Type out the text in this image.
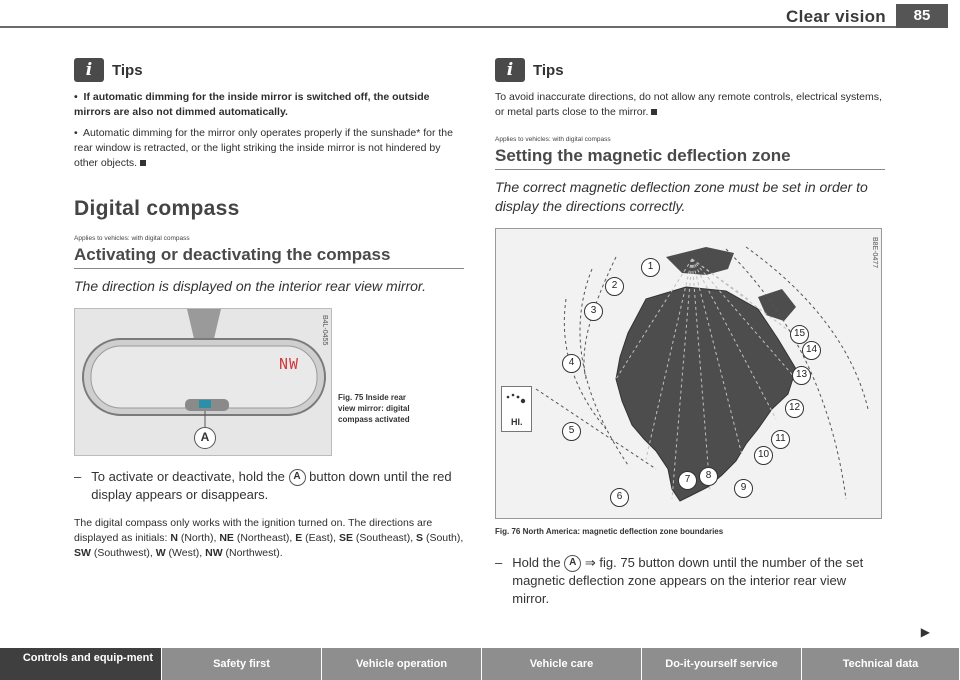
Clear vision	85
i	Tips

• If automatic dimming for the inside mirror is switched off, the outside mirrors are also not dimmed automatically.

• Automatic dimming for the mirror only operates properly if the sunshade* for the rear window is retracted, or the light striking the inside mirror is not hindered by other objects.

Digital compass
Applies to vehicles: with digital compass
Activating or deactivating the compass
The direction is displayed on the interior rear view mirror.
B4L-0455
NW
A
Fig. 75 Inside rear view mirror: digital compass activated
– To activate or deactivate, hold the A button down until the red display appears or disappears.

The digital compass only works with the ignition turned on. The directions are displayed as initials: N (North), NE (Northeast), E (East), SE (Southeast), S (South), SW (Southwest), W (West), NW (Northwest).

i	Tips

To avoid inaccurate directions, do not allow any remote controls, electrical systems, or metal parts close to the mirror.

Applies to vehicles: with digital compass
Setting the magnetic deflection zone
The correct magnetic deflection zone must be set in order to display the directions correctly.
B8E-0477
HI.
1
2
3
4
5
6
7	8
9
10
11
12
13
14
15
Fig. 76 North America: magnetic deflection zone boundaries
– Hold the A ⇒ fig. 75 button down until the number of the set magnetic deflection zone appears on the interior rear view mirror.
▶
Controls and equip-ment	Safety first	Vehicle operation	Vehicle care	Do-it-yourself service	Technical data
